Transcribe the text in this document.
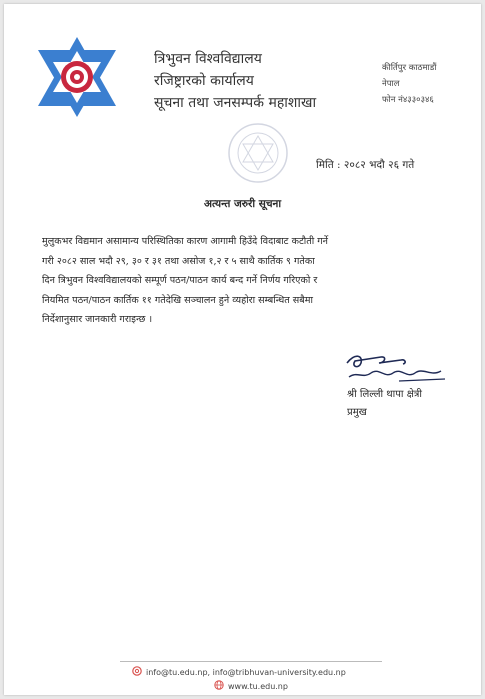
त्रिभुवन विश्वविद्यालय
रजिष्ट्रारको कार्यालय
सूचना तथा जनसम्पर्क महाशाखा
कीर्तिपुर काठमाडौं
नेपाल
फोन नं४३३०३४६
मिति : २०८२ भदौ २६ गते
अत्यन्त जरुरी सूचना
मुलुकभर विद्यमान असामान्य परिस्थितिका कारण आगामी हिउँदे विदाबाट कटौती गर्ने
गरी २०८२ साल भदौ २९, ३० र ३१ तथा असोज १,२ र ५ साथै कार्तिक ९ गतेका
दिन त्रिभुवन विश्वविद्यालयको सम्पूर्ण पठन/पाठन कार्य बन्द गर्ने निर्णय गरिएको र
नियमित पठन/पाठन कार्तिक ११ गतेदेखि सञ्चालन हुने व्यहोरा सम्बन्धित सबैमा
निर्देशानुसार जानकारी गराइन्छ ।
श्री लिल्ली थापा क्षेत्री
प्रमुख
info@tu.edu.np, info@tribhuvan-university.edu.np
www.tu.edu.np
